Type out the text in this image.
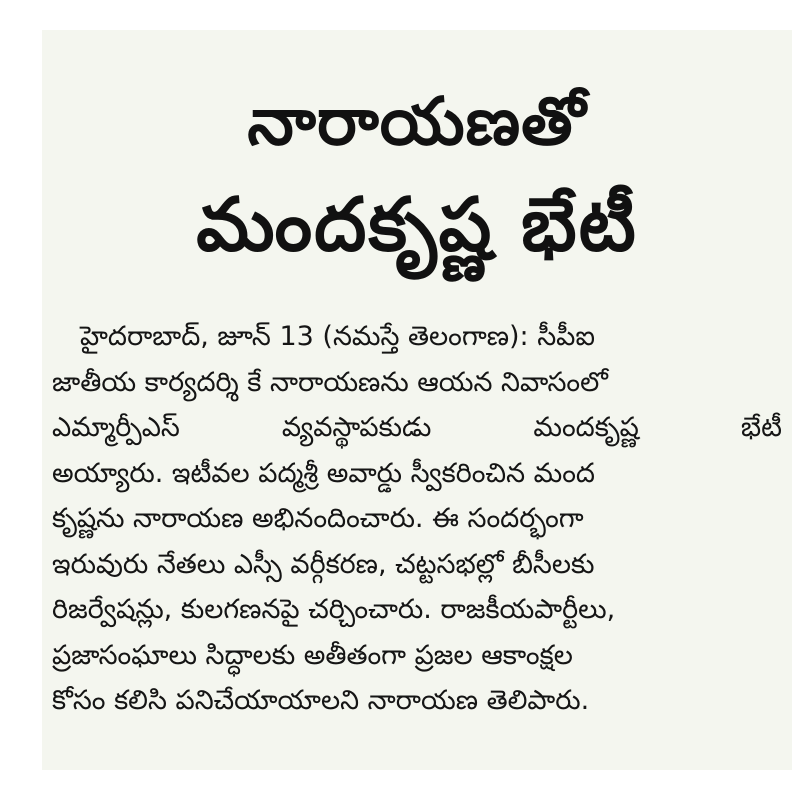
నారాయణతో
మందకృష్ణ భేటీ
హైదరాబాద్, జూన్ 13 (నమస్తే తెలంగాణ): సీపీఐ
జాతీయ కార్యదర్శి కే నారాయణను ఆయన నివాసంలో
ఎమ్మార్పీఎస్ వ్యవస్థాపకుడు మందకృష్ణ భేటీ
అయ్యారు. ఇటీవల పద్మశ్రీ అవార్డు స్వీకరించిన మంద
కృష్ణను నారాయణ అభినందించారు. ఈ సందర్భంగా
ఇరువురు నేతలు ఎస్సీ వర్గీకరణ, చట్టసభల్లో బీసీలకు
రిజర్వేషన్లు, కులగణనపై చర్చించారు. రాజకీయపార్టీలు,
ప్రజాసంఘాలు సిద్ధాలకు అతీతంగా ప్రజల ఆకాంక్షల
కోసం కలిసి పనిచేయాయాలని నారాయణ తెలిపారు.
